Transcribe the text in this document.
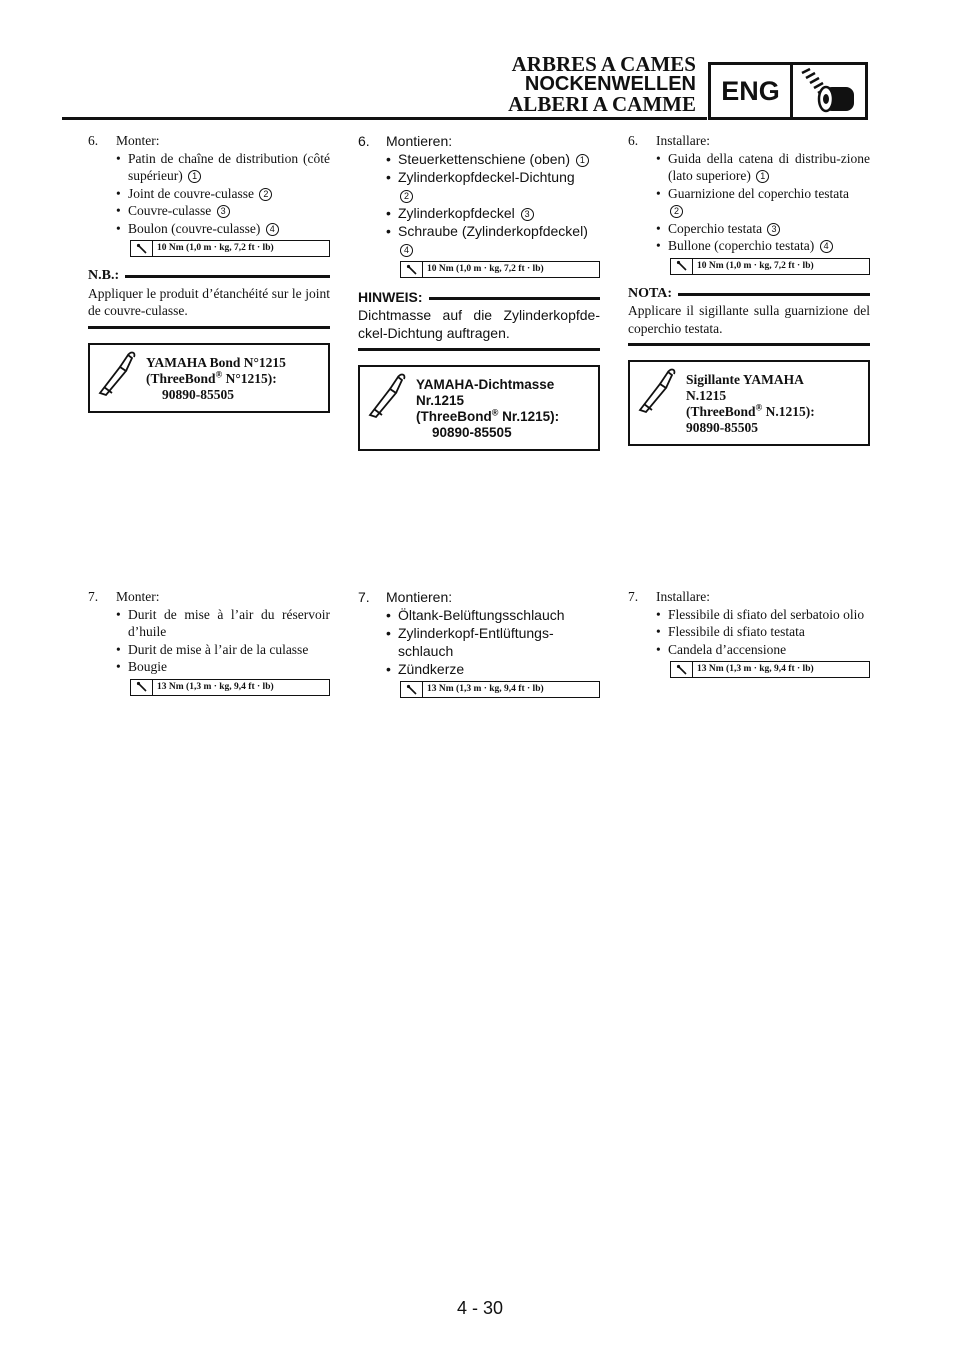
ARBRES A CAMES
NOCKENWELLEN
ALBERI A CAMME ENG
6.	Monter:
• Patin de chaîne de distribution (côté supérieur) 1
• Joint de couvre-culasse 2
• Couvre-culasse 3
• Boulon (couvre-culasse) 4
10 Nm (1,0 m · kg, 7,2 ft · lb)
N.B.:
Appliquer le produit d’étanchéité sur le joint de couvre-culasse.
YAMAHA Bond N°1215
(ThreeBond® N°1215):
90890-85505
7.	Monter:
• Durit de mise à l’air du réservoir d’huile
• Durit de mise à l’air de la culasse
• Bougie
13 Nm (1,3 m · kg, 9,4 ft · lb)
6.	Montieren:
• Steuerkettenschiene (oben) 1
• Zylinderkopfdeckel-Dichtung
2
• Zylinderkopfdeckel 3
• Schraube (Zylinderkopfdeckel)
4
10 Nm (1,0 m · kg, 7,2 ft · lb)
HINWEIS:
Dichtmasse auf die Zylinderkopfde-ckel-Dichtung auftragen.
YAMAHA-Dichtmasse
Nr.1215
(ThreeBond® Nr.1215):
90890-85505
7.	Montieren:
• Öltank-Belüftungsschlauch
• Zylinderkopf-Entlüftungs-schlauch
• Zündkerze
13 Nm (1,3 m · kg, 9,4 ft · lb)
6.	Installare:
• Guida della catena di distribu-zione (lato superiore) 1
• Guarnizione del coperchio testata
2
• Coperchio testata 3
• Bullone (coperchio testata) 4
10 Nm (1,0 m · kg, 7,2 ft · lb)
NOTA:
Applicare il sigillante sulla guarnizione del coperchio testata.
Sigillante YAMAHA
N.1215
(ThreeBond® N.1215):
90890-85505
7.	Installare:
• Flessibile di sfiato del serbatoio olio
• Flessibile di sfiato testata
• Candela d’accensione
13 Nm (1,3 m · kg, 9,4 ft · lb)
4 - 30
